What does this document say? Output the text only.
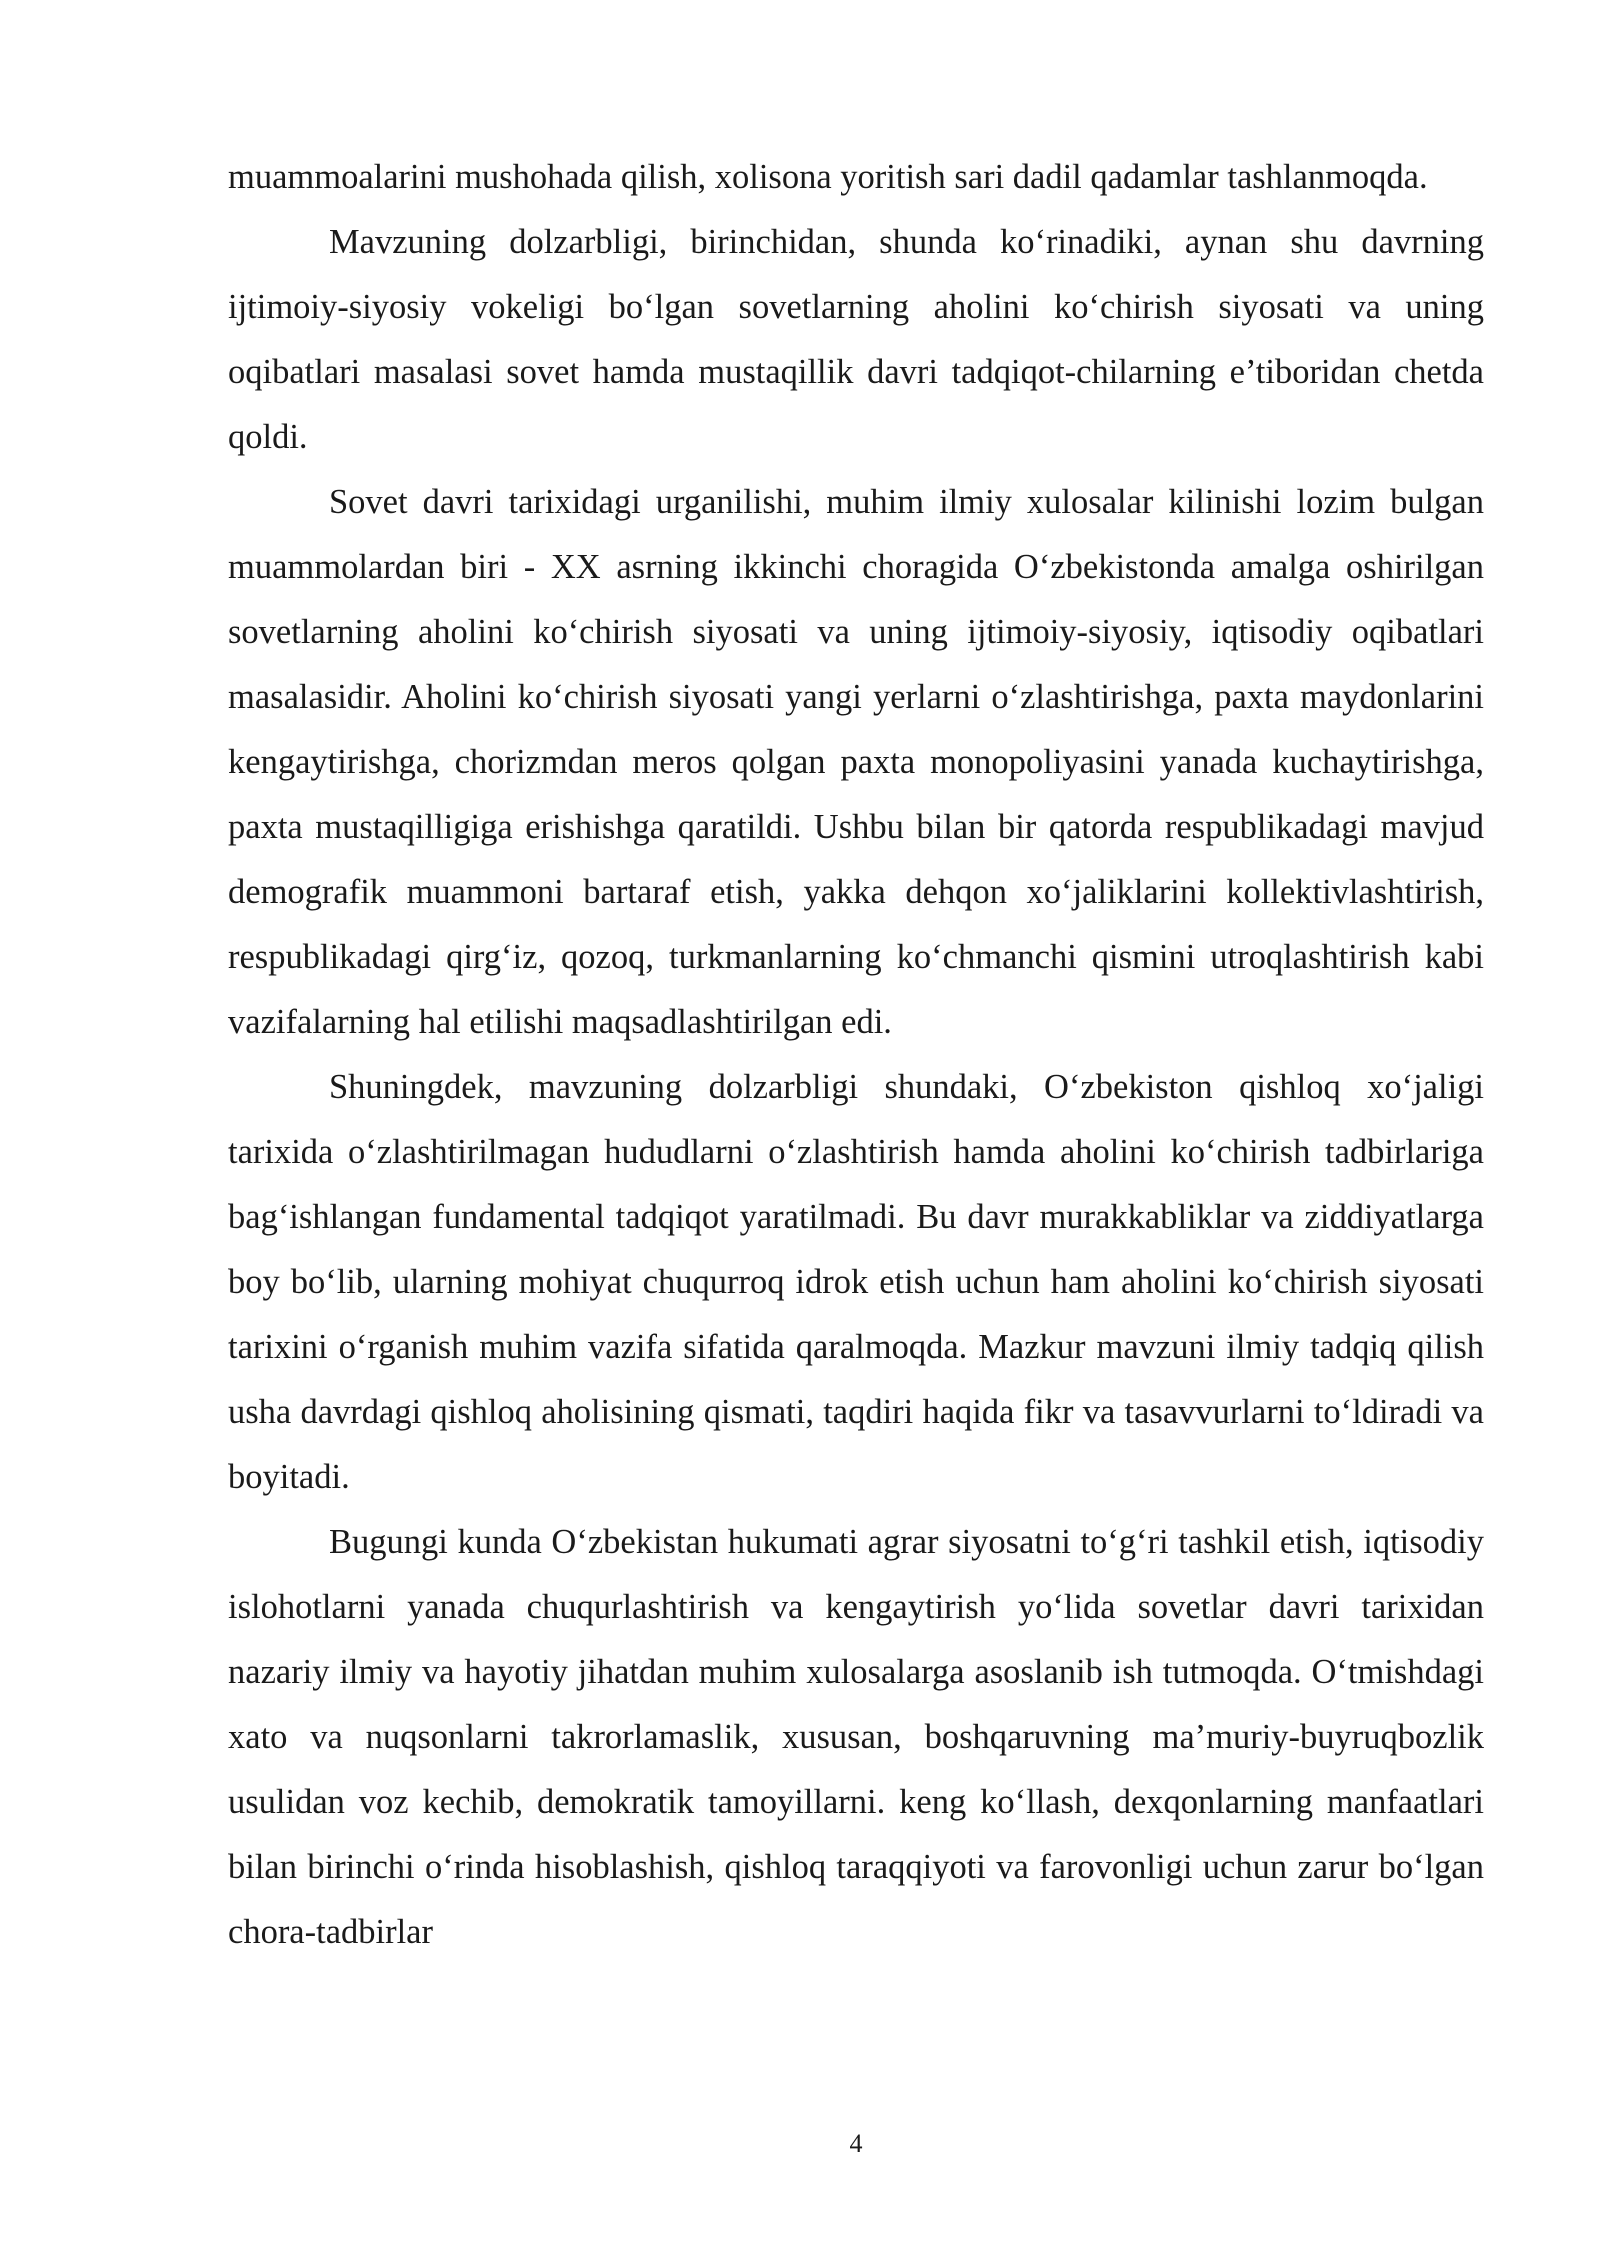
muammoalarini mushohada qilish, xolisona yoritish sari dadil qadamlar tashlanmoqda.

Mavzuning dolzarbligi, birinchidan, shunda ko‘rinadiki, aynan shu davrning ijtimoiy-siyosiy vokeligi bo‘lgan sovetlarning aholini ko‘chirish siyosati va uning oqibatlari masalasi sovet hamda mustaqillik davri tadqiqot-chilarning e’tiboridan chetda qoldi.

Sovet davri tarixidagi urganilishi, muhim ilmiy xulosalar kilinishi lozim bulgan muammolardan biri - XX asrning ikkinchi choragida O‘zbekistonda amalga oshirilgan sovetlarning aholini ko‘chirish siyosati va uning ijtimoiy-siyosiy, iqtisodiy oqibatlari masalasidir. Aholini ko‘chirish siyosati yangi yerlarni o‘zlashtirishga, paxta maydonlarini kengaytirishga, chorizmdan meros qolgan paxta monopoliyasini yanada kuchaytirishga, paxta mustaqilligiga erishishga qaratildi. Ushbu bilan bir qatorda respublikadagi mavjud demografik muammoni bartaraf etish, yakka dehqon xo‘jaliklarini kollektivlashtirish, respublikadagi qirg‘iz, qozoq, turkmanlarning ko‘chmanchi qismini utroqlashtirish kabi vazifalarning hal etilishi maqsadlashtirilgan edi.

Shuningdek, mavzuning dolzarbligi shundaki, O‘zbekiston qishloq xo‘jaligi tarixida o‘zlashtirilmagan hududlarni o‘zlashtirish hamda aholini ko‘chirish tadbirlariga bag‘ishlangan fundamental tadqiqot yaratilmadi. Bu davr murakkabliklar va ziddiyatlarga boy bo‘lib, ularning mohiyat chuqurroq idrok etish uchun ham aholini ko‘chirish siyosati tarixini o‘rganish muhim vazifa sifatida qaralmoqda. Mazkur mavzuni ilmiy tadqiq qilish usha davrdagi qishloq aholisining qismati, taqdiri haqida fikr va tasavvurlarni to‘ldiradi va boyitadi.

Bugungi kunda O‘zbekistan hukumati agrar siyosatni to‘g‘ri tashkil etish, iqtisodiy islohotlarni yanada chuqurlashtirish va kengaytirish yo‘lida sovetlar davri tarixidan nazariy ilmiy va hayotiy jihatdan muhim xulosalarga asoslanib ish tutmoqda. O‘tmishdagi xato va nuqsonlarni takrorlamaslik, xususan, boshqaruvning ma’muriy-buyruqbozlik usulidan voz kechib, demokratik tamoyillarni. keng ko‘llash, dexqonlarning manfaatlari bilan birinchi o‘rinda hisoblashish, qishloq taraqqiyoti va farovonligi uchun zarur bo‘lgan chora-tadbirlar

4
